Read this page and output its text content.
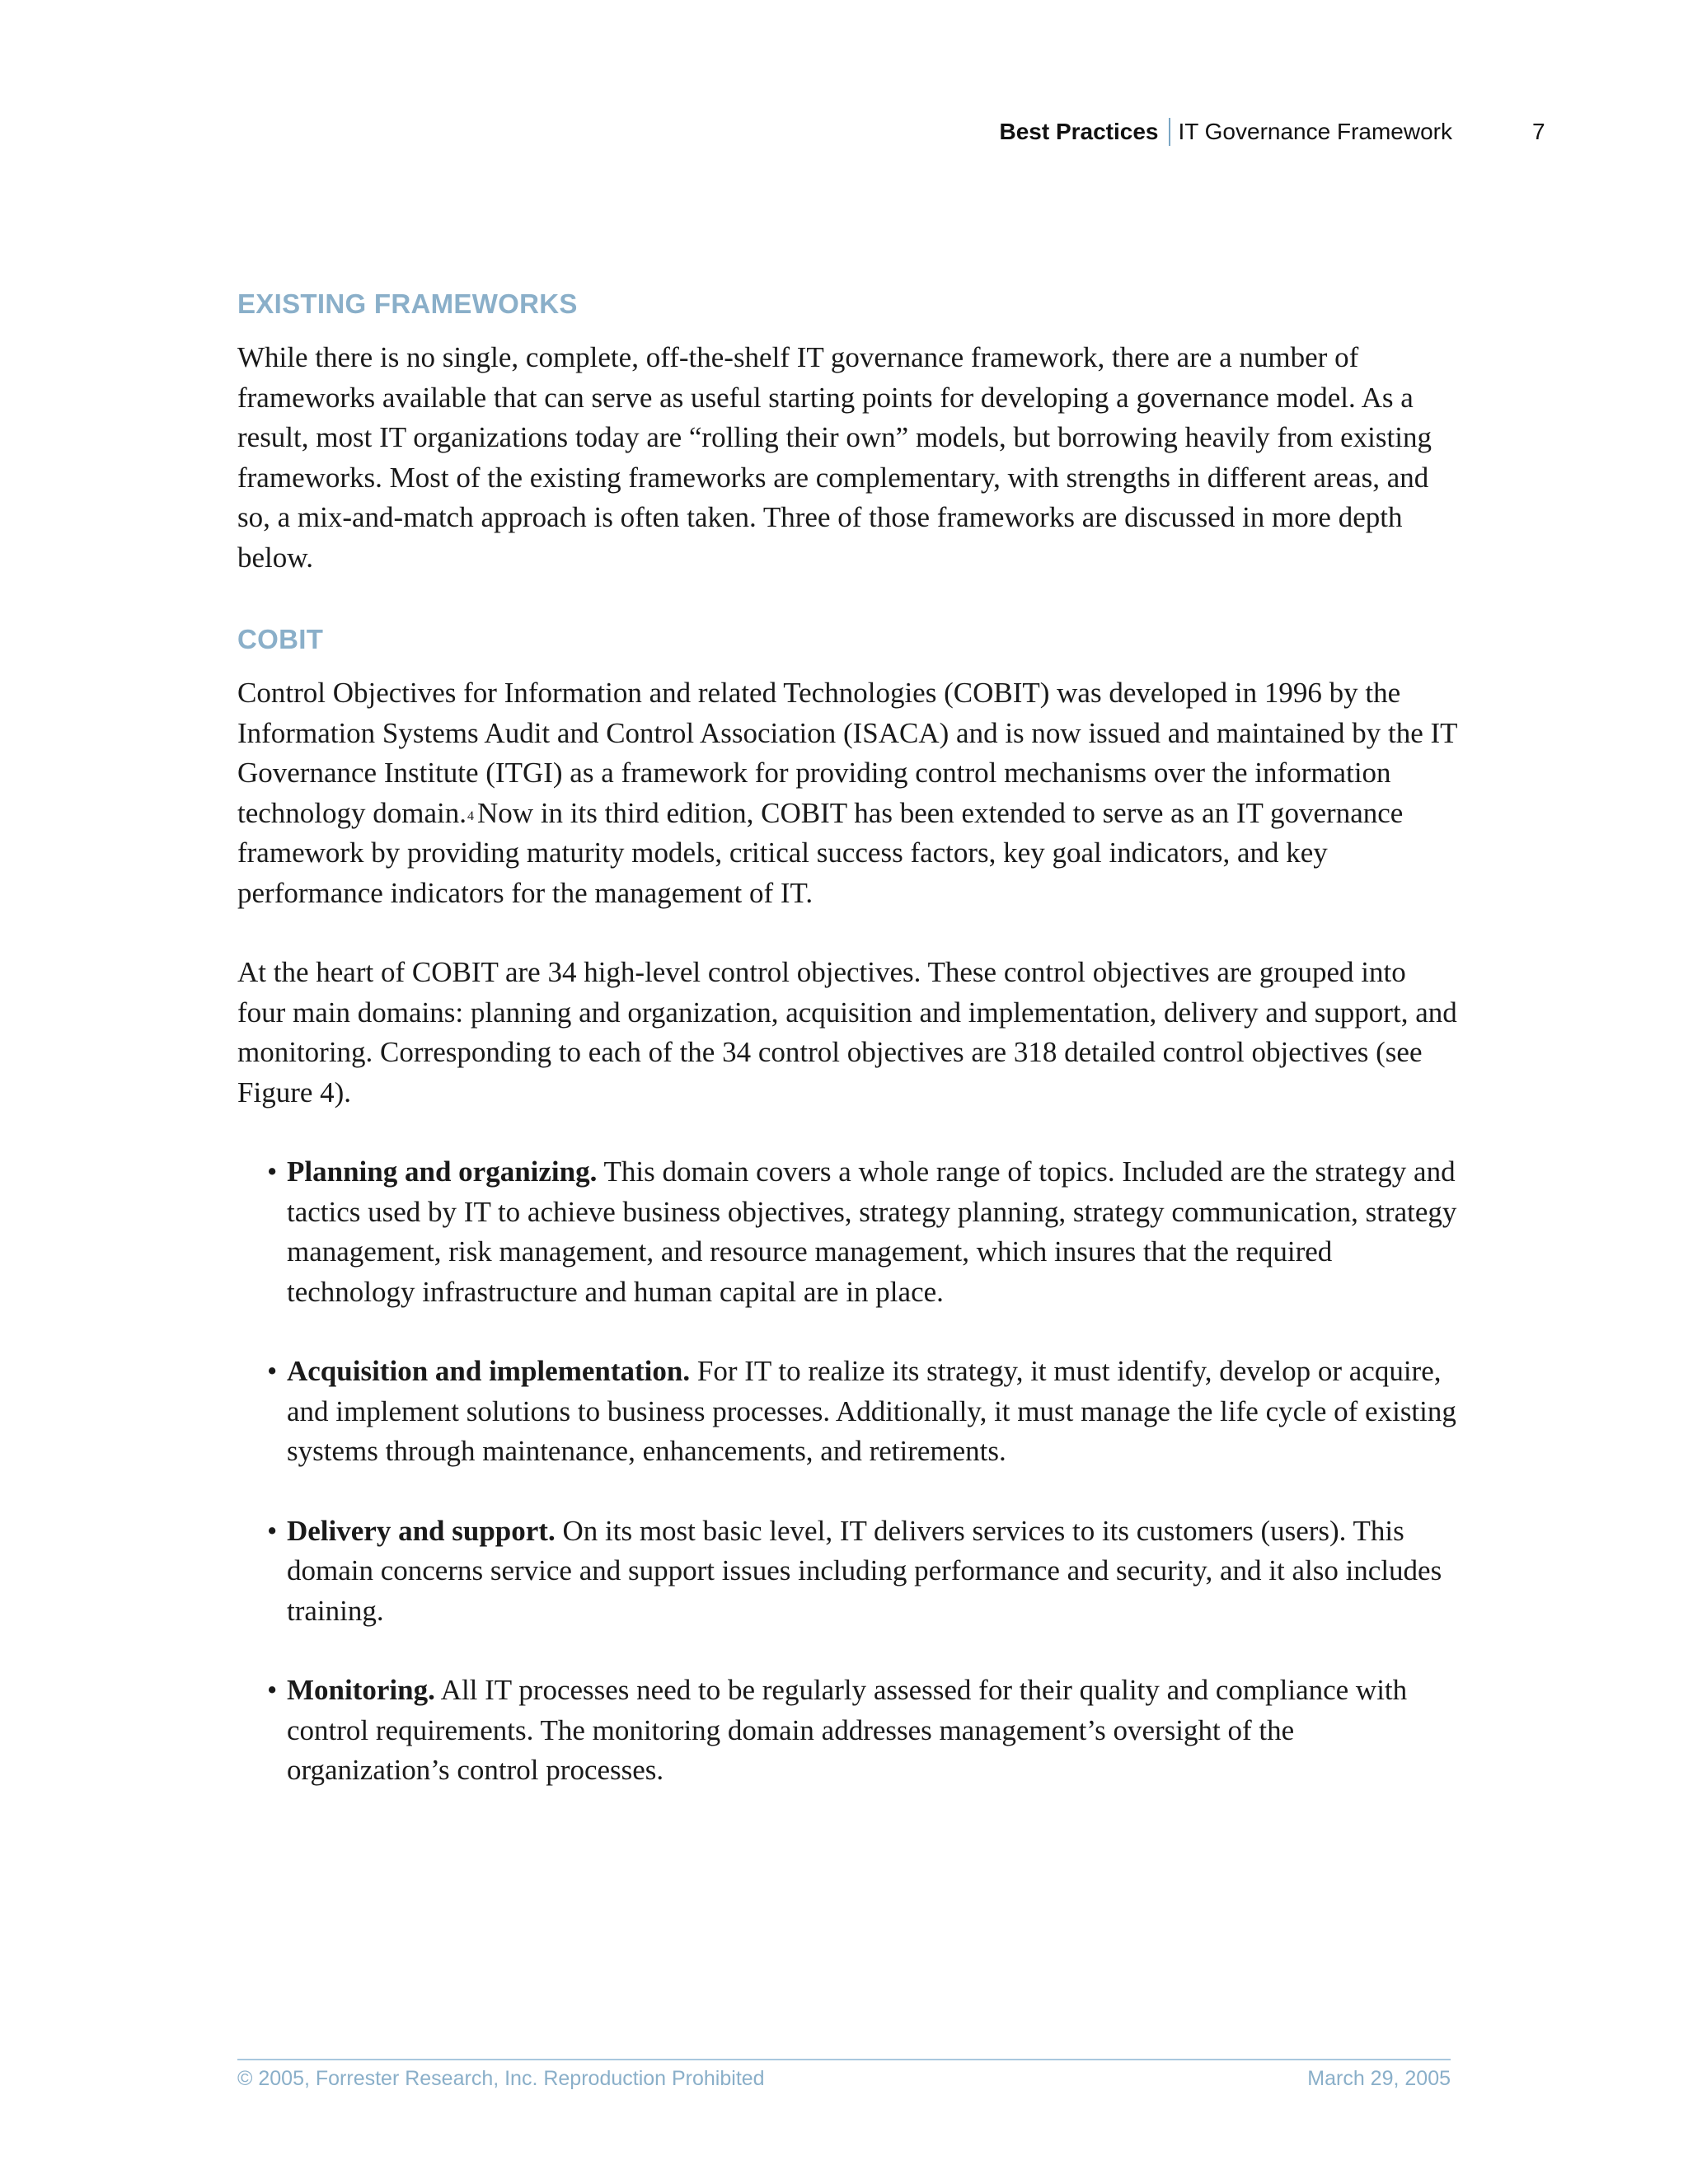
Best Practices IT Governance Framework	7
EXISTING FRAMEWORKS

While there is no single, complete, off-the-shelf IT governance framework, there are a number of frameworks available that can serve as useful starting points for developing a governance model. As a result, most IT organizations today are “rolling their own” models, but borrowing heavily from existing frameworks. Most of the existing frameworks are complementary, with strengths in different areas, and so, a mix-and-match approach is often taken. Three of those frameworks are discussed in more depth below.

COBIT

Control Objectives for Information and related Technologies (COBIT) was developed in 1996 by the Information Systems Audit and Control Association (ISACA) and is now issued and maintained by the IT Governance Institute (ITGI) as a framework for providing control mechanisms over the information technology domain.$^4$ Now in its third edition, COBIT has been extended to serve as an IT governance framework by providing maturity models, critical success factors, key goal indicators, and key performance indicators for the management of IT.

At the heart of COBIT are 34 high-level control objectives. These control objectives are grouped into four main domains: planning and organization, acquisition and implementation, delivery and support, and monitoring. Corresponding to each of the 34 control objectives are 318 detailed control objectives (see Figure 4).

• Planning and organizing. This domain covers a whole range of topics. Included are the strategy and tactics used by IT to achieve business objectives, strategy planning, strategy communication, strategy management, risk management, and resource management, which insures that the required technology infrastructure and human capital are in place.
• Acquisition and implementation. For IT to realize its strategy, it must identify, develop or acquire, and implement solutions to business processes. Additionally, it must manage the life cycle of existing systems through maintenance, enhancements, and retirements.
• Delivery and support. On its most basic level, IT delivers services to its customers (users). This domain concerns service and support issues including performance and security, and it also includes training.
• Monitoring. All IT processes need to be regularly assessed for their quality and compliance with control requirements. The monitoring domain addresses management’s oversight of the organization’s control processes.
© 2005, Forrester Research, Inc. Reproduction Prohibited	March 29, 2005
